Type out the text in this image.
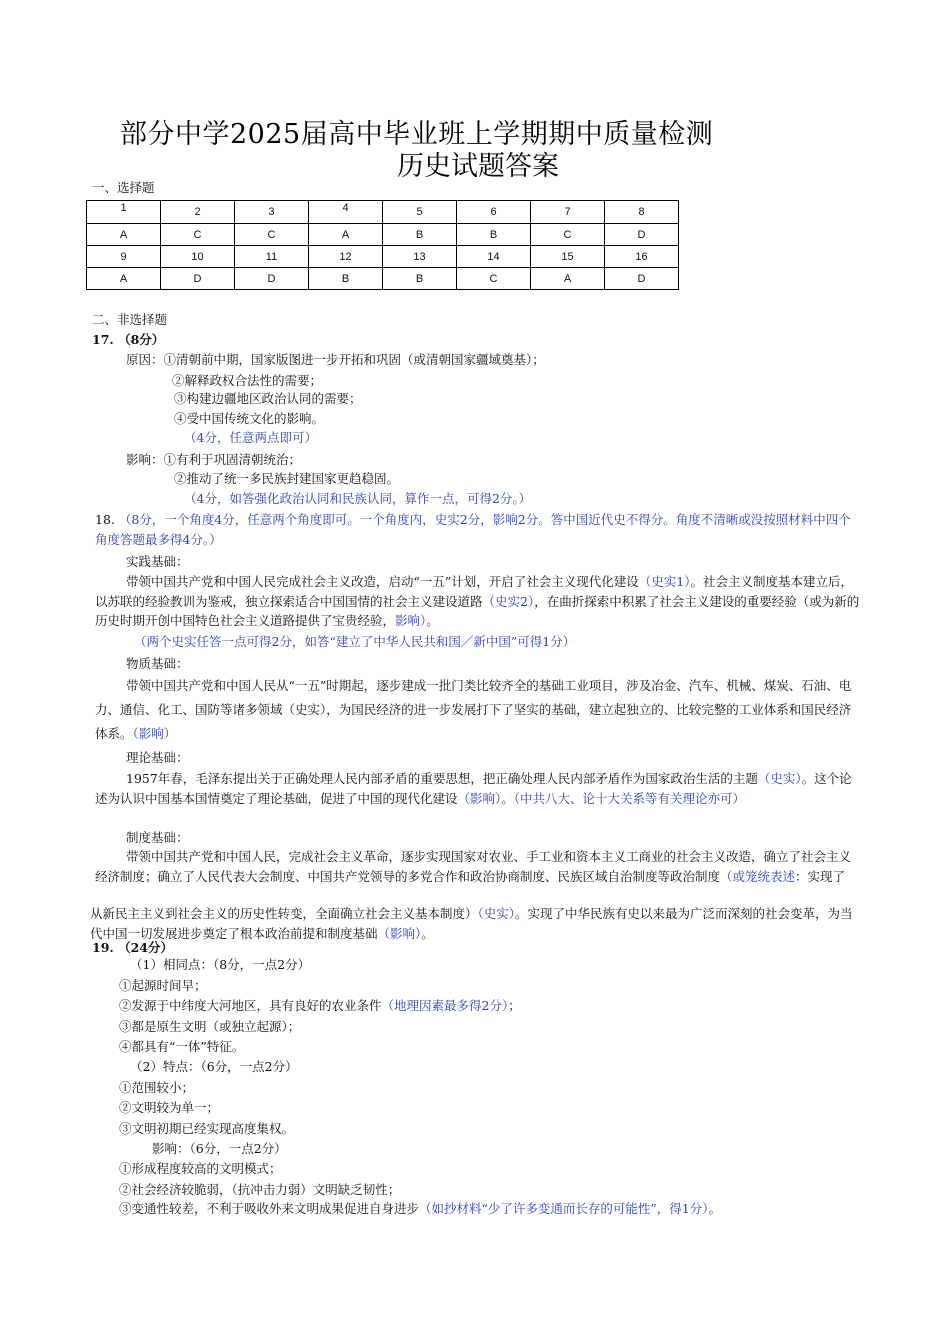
部分中学2025届高中毕业班上学期期中质量检测
历史试题答案
一、选择题
1	2	3	4	5	6	7	8
A	C	C	A	B	B	C	D
9	10	11	12	13	14	15	16
A	D	D	B	B	C	A	D
二、非选择题
17. （8分）
原因：①清朝前中期，国家版图进一步开拓和巩固（或清朝国家疆域奠基）；
②解释政权合法性的需要；
③构建边疆地区政治认同的需要；
④受中国传统文化的影响。
（4分，任意两点即可）
影响：①有利于巩固清朝统治；
②推动了统一多民族封建国家更趋稳固。
（4分，如答强化政治认同和民族认同，算作一点，可得2分。）
18. （8分，一个角度4分，任意两个角度即可。一个角度内，史实2分，影响2分。答中国近代史不得分。角度不清晰或没按照材料中四个角度答题最多得4分。）
实践基础：
带领中国共产党和中国人民完成社会主义改造，启动“一五”计划，开启了社会主义现代化建设（史实1）。社会主义制度基本建立后，以苏联的经验教训为鉴戒，独立探索适合中国国情的社会主义建设道路（史实2），在曲折探索中积累了社会主义建设的重要经验（或为新的历史时期开创中国特色社会主义道路提供了宝贵经验，影响）。
（两个史实任答一点可得2分，如答“建立了中华人民共和国／新中国”可得1分）
物质基础：
带领中国共产党和中国人民从“一五”时期起，逐步建成一批门类比较齐全的基础工业项目，涉及冶金、汽车、机械、煤炭、石油、电力、通信、化工、国防等诸多领域（史实），为国民经济的进一步发展打下了坚实的基础，建立起独立的、比较完整的工业体系和国民经济体系。（影响）
理论基础：
1957年春，毛泽东提出关于正确处理人民内部矛盾的重要思想，把正确处理人民内部矛盾作为国家政治生活的主题（史实）。这个论述为认识中国基本国情奠定了理论基础，促进了中国的现代化建设（影响）。（中共八大、论十大关系等有关理论亦可）
制度基础：
带领中国共产党和中国人民，完成社会主义革命，逐步实现国家对农业、手工业和资本主义工商业的社会主义改造，确立了社会主义经济制度；确立了人民代表大会制度、中国共产党领导的多党合作和政治协商制度、民族区域自治制度等政治制度（或笼统表述：实现了
从新民主主义到社会主义的历史性转变，全面确立社会主义基本制度）（史实）。实现了中华民族有史以来最为广泛而深刻的社会变革，为当代中国一切发展进步奠定了根本政治前提和制度基础（影响）。
19. （24分）
（1）相同点：（8分，一点2分）
①起源时间早；
②发源于中纬度大河地区，具有良好的农业条件（地理因素最多得2分）；
③都是原生文明（或独立起源）；
④都具有“一体”特征。
（2）特点：（6分，一点2分）
①范围较小；
②文明较为单一；
③文明初期已经实现高度集权。
影响：（6分，一点2分）
①形成程度较高的文明模式；
②社会经济较脆弱，（抗冲击力弱）文明缺乏韧性；
③变通性较差，不利于吸收外来文明成果促进自身进步（如抄材料“少了许多变通而长存的可能性”，得1分）。
